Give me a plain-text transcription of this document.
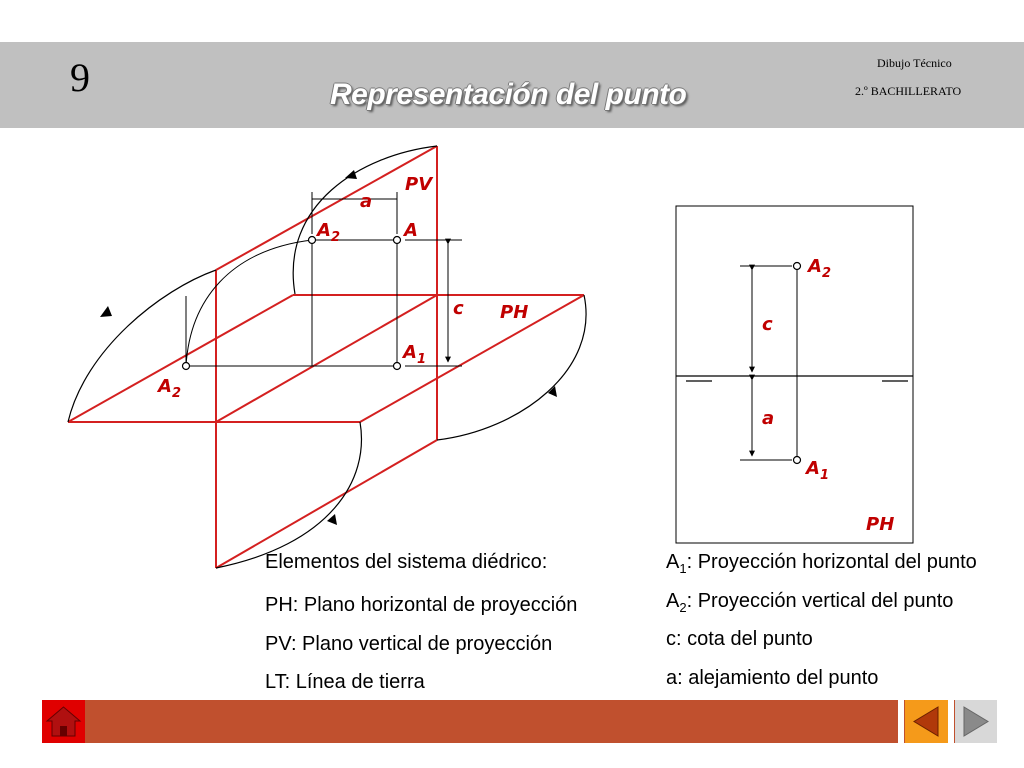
9	Representación del punto
Dibujo Técnico
2.º BACHILLERATO
PV
a
$A_2$	A
c PH
$A_1$
$A_2$
$A_2$
c
a
$A_1$
PH
Elementos del sistema diédrico:
PH: Plano horizontal de proyección
PV: Plano vertical de proyección
LT: Línea de tierra
$A_1$: Proyección horizontal del punto
$A_2$: Proyección vertical del punto
c: cota del punto
a: alejamiento del punto
